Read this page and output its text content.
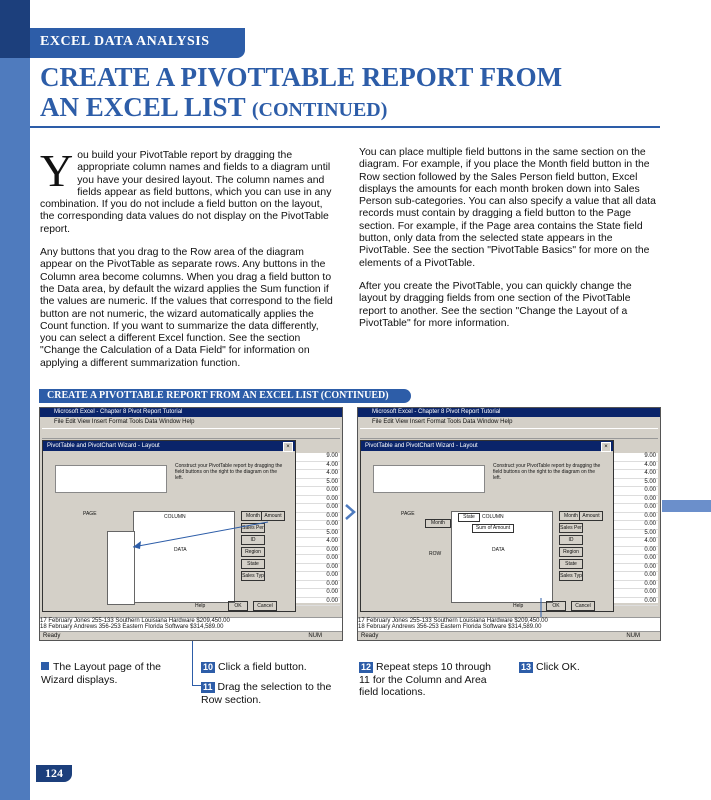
EXCEL DATA ANALYSIS
CREATE A PIVOTTABLE REPORT FROM
AN EXCEL LIST (CONTINUED)

You build your PivotTable report by dragging the appropriate column names and fields to a diagram until you have your desired layout. The column names and fields appear as field buttons, which you can use in any combination. If you do not include a field button on the layout, the corresponding data values do not display on the PivotTable report.

Any buttons that you drag to the Row area of the diagram appear on the PivotTable as separate rows. Any buttons in the Column area become columns. When you drag a field button to the Data area, by default the wizard applies the Sum function if the values are numeric. If the values that correspond to the field button are not numeric, the wizard automatically applies the Count function. If you want to summarize the data differently, you can select a different Excel function. See the section "Change the Calculation of a Data Field" for information on applying a different summarization function.

You can place multiple field buttons in the same section on the diagram. For example, if you place the Month field button in the Row section followed by the Sales Person field button, Excel displays the amounts for each month broken down into Sales Person sub-categories. You can also specify a value that all data records must contain by dragging a field button to the Page section. For example, if the Page area contains the State field button, only data from the selected state appears in the PivotTable. See the section "PivotTable Basics" for more on the elements of a PivotTable.

After you create the PivotTable, you can quickly change the layout by dragging fields from one section of the PivotTable report to another. See the section "Change the Layout of a PivotTable" for more information.

CREATE A PIVOTTABLE REPORT FROM AN EXCEL LIST (CONTINUED)
Microsoft Excel - Chapter 8 Pivot Report Tutorial
File Edit View Insert Format Tools Data Window Help
9.00
4.00
4.00
5.00
0.00
0.00
0.00
0.00
0.00
5.00
4.00
0.00
0.00
0.00
0.00
0.00
0.00
0.00
PivotTable and PivotChart Wizard - Layout	×
Construct your PivotTable report by dragging the field buttons on the right to the diagram on the left.
PAGE	COLUMN
DATA
Month Amount
Sales Per
ID
Region
State
Sales Typ
Help	OK	Cancel
17 February Jones 255-133 Southern Louisiana Hardware $209,450.00
18 February Andrews 356-253 Eastern Florida Software $314,589.00
Ready	NUM
Microsoft Excel - Chapter 8 Pivot Report Tutorial
File Edit View Insert Format Tools Data Window Help
9.00
4.00
4.00
5.00
0.00
0.00
0.00
0.00
0.00
5.00
4.00
0.00
0.00
0.00
0.00
0.00
0.00
0.00
PivotTable and PivotChart Wizard - Layout	×
Construct your PivotTable report by dragging the field buttons on the right to the diagram on the left.
PAGE	State	COLUMN
Sum of Amount
DATA
Month
ROW
Month Amount
Sales Per
ID
Region
State
Sales Typ
Help	OK	Cancel
17 February Jones 255-133 Southern Louisiana Hardware $209,450.00
18 February Andrews 356-253 Eastern Florida Software $314,589.00
Ready	NUM
The Layout page of the Wizard displays.
10 Click a field button.
11 Drag the selection to the Row section.
12 Repeat steps 10 through 11 for the Column and Area field locations.
13 Click OK.
124
